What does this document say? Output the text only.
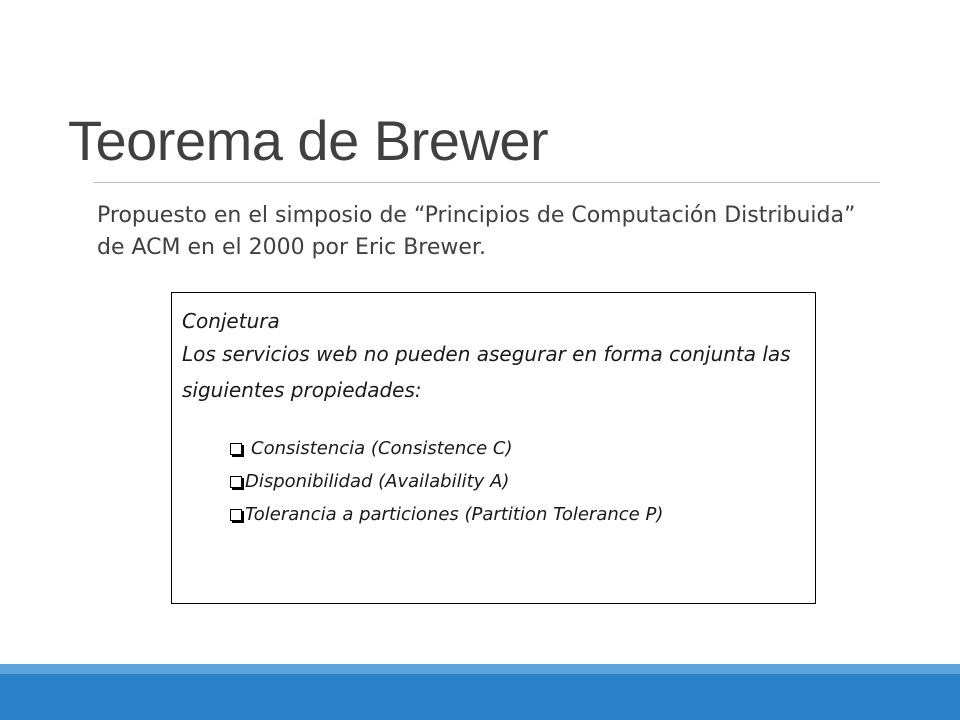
Teorema de Brewer
Propuesto en el simposio de “Principios de Computación Distribuida” de ACM en el 2000 por Eric Brewer.

Conjetura

Los servicios web no pueden asegurar en forma conjunta las siguientes propiedades:

Consistencia (Consistence C)
Disponibilidad (Availability A)
Tolerancia a particiones (Partition Tolerance P)
